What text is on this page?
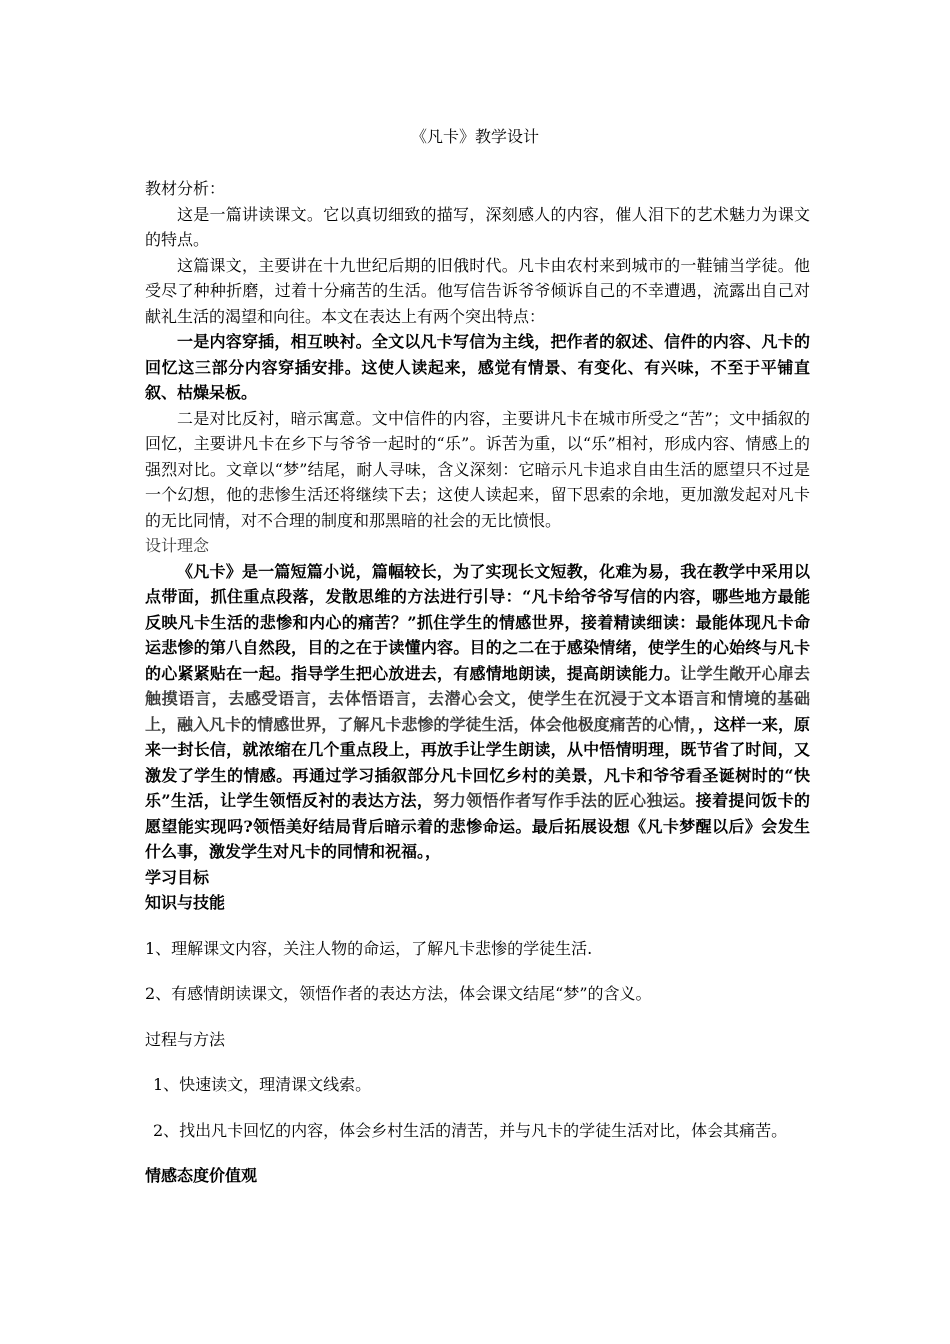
《凡卡》教学设计

教材分析：

这是一篇讲读课文。它以真切细致的描写，深刻感人的内容，催人泪下的艺术魅力为课文的特点。

这篇课文，主要讲在十九世纪后期的旧俄时代。凡卡由农村来到城市的一鞋铺当学徒。他受尽了种种折磨，过着十分痛苦的生活。他写信告诉爷爷倾诉自己的不幸遭遇，流露出自己对献礼生活的渴望和向往。本文在表达上有两个突出特点：

一是内容穿插，相互映衬。全文以凡卡写信为主线，把作者的叙述、信件的内容、凡卡的回忆这三部分内容穿插安排。这使人读起来，感觉有情景、有变化、有兴味，不至于平铺直叙、枯燥呆板。

二是对比反衬，暗示寓意。文中信件的内容，主要讲凡卡在城市所受之“苦”；文中插叙的回忆，主要讲凡卡在乡下与爷爷一起时的“乐”。诉苦为重，以“乐”相衬，形成内容、情感上的强烈对比。文章以“梦”结尾，耐人寻味，含义深刻：它暗示凡卡追求自由生活的愿望只不过是一个幻想，他的悲惨生活还将继续下去；这使人读起来，留下思索的余地，更加激发起对凡卡的无比同情，对不合理的制度和那黑暗的社会的无比愤恨。

设计理念

《凡卡》是一篇短篇小说，篇幅较长，为了实现长文短教，化难为易，我在教学中采用以点带面，抓住重点段落，发散思维的方法进行引导：“凡卡给爷爷写信的内容，哪些地方最能反映凡卡生活的悲惨和内心的痛苦？”抓住学生的情感世界，接着精读细读：最能体现凡卡命运悲惨的第八自然段，目的之在于读懂内容。目的之二在于感染情绪，使学生的心始终与凡卡的心紧紧贴在一起。指导学生把心放进去，有感情地朗读，提高朗读能力。让学生敞开心扉去触摸语言，去感受语言，去体悟语言，去潜心会文，使学生在沉浸于文本语言和情境的基础上，融入凡卡的情感世界，了解凡卡悲惨的学徒生活，体会他极度痛苦的心情，，这样一来，原来一封长信，就浓缩在几个重点段上，再放手让学生朗读，从中悟情明理，既节省了时间，又激发了学生的情感。再通过学习插叙部分凡卡回忆乡村的美景，凡卡和爷爷看圣诞树时的“快乐”生活，让学生领悟反衬的表达方法，努力领悟作者写作手法的匠心独运。接着提问饭卡的愿望能实现吗?领悟美好结局背后暗示着的悲惨命运。最后拓展设想《凡卡梦醒以后》会发生什么事，激发学生对凡卡的同情和祝福。，

学习目标

知识与技能

1、理解课文内容，关注人物的命运，了解凡卡悲惨的学徒生活.

2、有感情朗读课文，领悟作者的表达方法，体会课文结尾“梦”的含义。

过程与方法

1、快速读文，理清课文线索。

2、找出凡卡回忆的内容，体会乡村生活的清苦，并与凡卡的学徒生活对比，体会其痛苦。

情感态度价值观
